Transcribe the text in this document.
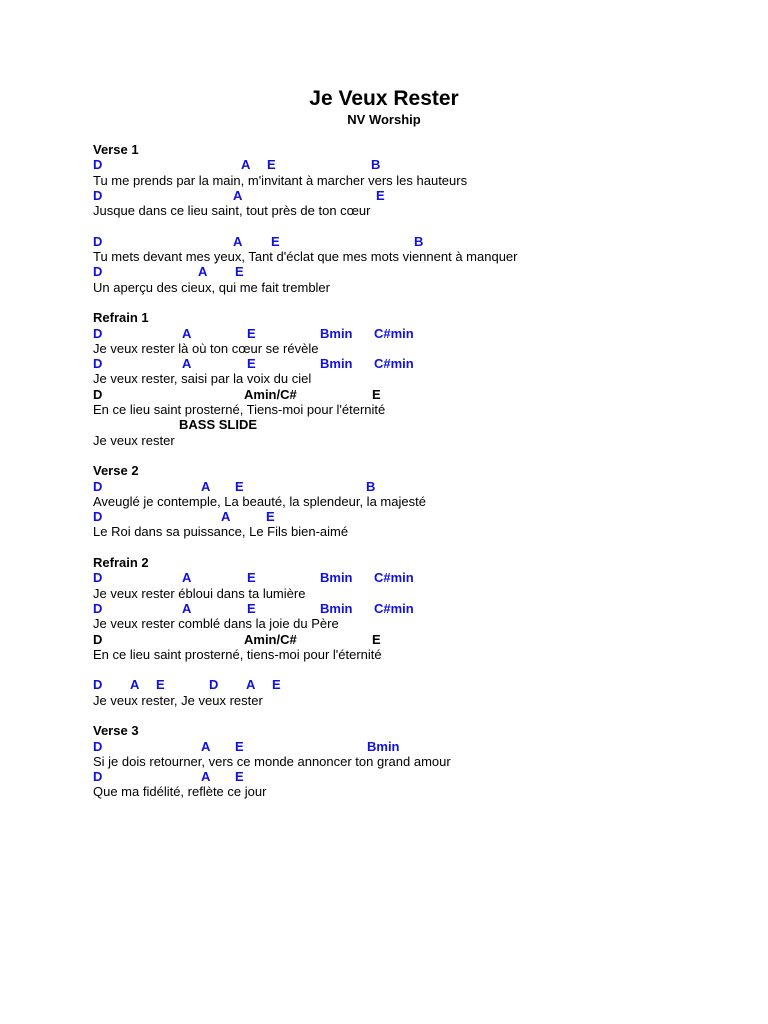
Je Veux Rester
NV Worship
Verse 1
D	A E	B
Tu me prends par la main, m'invitant à marcher vers les hauteurs
D	A	E
Jusque dans ce lieu saint, tout près de ton cœur
D	A E	B
Tu mets devant mes yeux, Tant d'éclat que mes mots viennent à manquer
D	A E
Un aperçu des cieux, qui me fait trembler
Refrain 1
D	A	E	Bmin C#min
Je veux rester là où ton cœur se révèle
D	A	E	Bmin C#min
Je veux rester, saisi par la voix du ciel
D	Amin/C#	E
En ce lieu saint prosterné, Tiens-moi pour l'éternité
BASS SLIDE
Je veux rester
Verse 2
D	A E	B
Aveuglé je contemple, La beauté, la splendeur, la majesté
D	A	E
Le Roi dans sa puissance, Le Fils bien-aimé
Refrain 2
D	A	E	Bmin C#min
Je veux rester ébloui dans ta lumière
D	A	E	Bmin C#min
Je veux rester comblé dans la joie du Père
D	Amin/C#	E
En ce lieu saint prosterné, tiens-moi pour l'éternité
D A E	D A E
Je veux rester, Je veux rester
Verse 3
D	A E	Bmin
Si je dois retourner, vers ce monde annoncer ton grand amour
D	A E
Que ma fidélité, reflète ce jour
